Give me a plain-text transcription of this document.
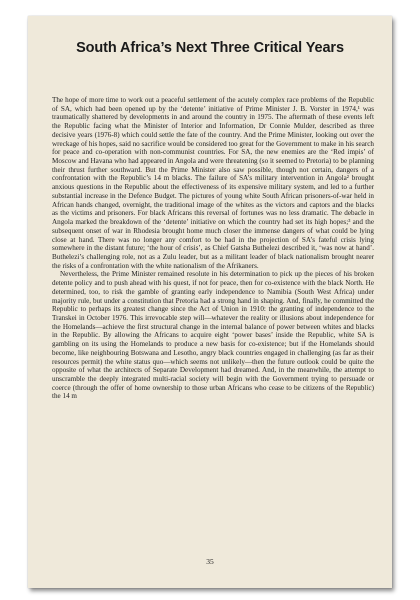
South Africa’s Next Three Critical Years

The hope of more time to work out a peaceful settlement of the acutely complex race problems of the Republic of SA, which had been opened up by the ‘detente’ initiative of Prime Minister J. B. Vorster in 1974,¹ was traumatically shattered by developments in and around the country in 1975. The aftermath of these events left the Republic facing what the Minister of Interior and Information, Dr Connie Mulder, described as three decisive years (1976-8) which could settle the fate of the country. And the Prime Minister, looking out over the wreckage of his hopes, said no sacrifice would be considered too great for the Government to make in his search for peace and co-operation with non-communist countries. For SA, the new enemies are the ‘Red impis’ of Moscow and Havana who had appeared in Angola and were threatening (so it seemed to Pretoria) to be planning their thrust further southward. But the Prime Minister also saw possible, though not certain, dangers of a confrontation with the Republic’s 14 m blacks. The failure of SA’s military intervention in Angola² brought anxious questions in the Republic about the effectiveness of its expensive military system, and led to a further substantial increase in the Defence Budget. The pictures of young white South African prisoners-of-war held in African hands changed, overnight, the traditional image of the whites as the victors and captors and the blacks as the victims and prisoners. For black Africans this reversal of fortunes was no less dramatic. The debacle in Angola marked the breakdown of the ‘detente’ initiative on which the country had set its high hopes;³ and the subsequent onset of war in Rhodesia brought home much closer the immense dangers of what could be lying close at hand. There was no longer any comfort to be had in the projection of SA’s fateful crisis lying somewhere in the distant future; ‘the hour of crisis’, as Chief Gatsha Buthelezi described it, ‘was now at hand’. Buthelezi’s challenging role, not as a Zulu leader, but as a militant leader of black nationalism brought nearer the risks of a confrontation with the white nationalism of the Afrikaners.

Nevertheless, the Prime Minister remained resolute in his determination to pick up the pieces of his broken detente policy and to push ahead with his quest, if not for peace, then for co-existence with the black North. He determined, too, to risk the gamble of granting early independence to Namibia (South West Africa) under majority rule, but under a constitution that Pretoria had a strong hand in shaping. And, finally, he committed the Republic to perhaps its greatest change since the Act of Union in 1910: the granting of independence to the Transkei in October 1976. This irrevocable step will—whatever the reality or illusions about independence for the Homelands—achieve the first structural change in the internal balance of power between whites and blacks in the Republic. By allowing the Africans to acquire eight ‘power bases’ inside the Republic, white SA is gambling on its using the Homelands to produce a new basis for co-existence; but if the Homelands should become, like neighbouring Botswana and Lesotho, angry black countries engaged in challenging (as far as their resources permit) the white status quo—which seems not unlikely—then the future outlook could be quite the opposite of what the architects of Separate Development had dreamed. And, in the meanwhile, the attempt to unscramble the deeply integrated multi-racial society will begin with the Government trying to persuade or coerce (through the offer of home ownership to those urban Africans who cease to be citizens of the Republic) the 14 m

35
